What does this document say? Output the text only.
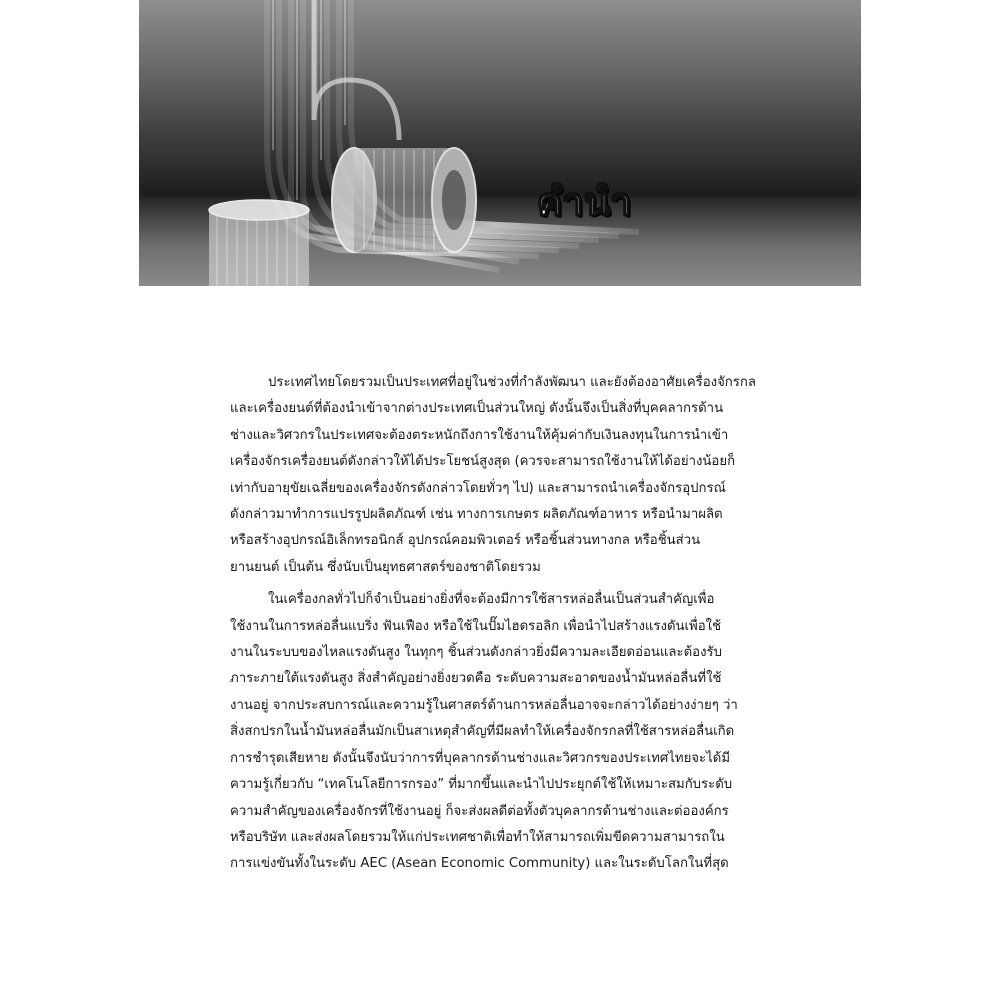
คำนำ
ประเทศไทยโดยรวมเป็นประเทศที่อยู่ในช่วงที่กำลังพัฒนา และยังต้องอาศัยเครื่องจักรกล
และเครื่องยนต์ที่ต้องนำเข้าจากต่างประเทศเป็นส่วนใหญ่ ดังนั้นจึงเป็นสิ่งที่บุคคลากรด้าน
ช่างและวิศวกรในประเทศจะต้องตระหนักถึงการใช้งานให้คุ้มค่ากับเงินลงทุนในการนำเข้า
เครื่องจักรเครื่องยนต์ดังกล่าวให้ได้ประโยชน์สูงสุด (ควรจะสามารถใช้งานให้ได้อย่างน้อยก็
เท่ากับอายุขัยเฉลี่ยของเครื่องจักรดังกล่าวโดยทั่วๆ ไป) และสามารถนำเครื่องจักรอุปกรณ์
ดังกล่าวมาทำการแปรรูปผลิตภัณฑ์ เช่น ทางการเกษตร ผลิตภัณฑ์อาหาร หรือนำมาผลิต
หรือสร้างอุปกรณ์อิเล็กทรอนิกส์ อุปกรณ์คอมพิวเตอร์ หรือชิ้นส่วนทางกล หรือชิ้นส่วน
ยานยนต์ เป็นต้น ซึ่งนับเป็นยุทธศาสตร์ของชาติโดยรวม
ในเครื่องกลทั่วไปก็จำเป็นอย่างยิ่งที่จะต้องมีการใช้สารหล่อลื่นเป็นส่วนสำคัญเพื่อ
ใช้งานในการหล่อลื่นแบริ่ง ฟันเฟือง หรือใช้ในปั๊มไฮดรอลิก เพื่อนำไปสร้างแรงดันเพื่อใช้
งานในระบบของไหลแรงดันสูง ในทุกๆ ชิ้นส่วนดังกล่าวยิ่งมีความละเอียดอ่อนและต้องรับ
ภาระภายใต้แรงดันสูง สิ่งสำคัญอย่างยิ่งยวดคือ ระดับความสะอาดของน้ำมันหล่อลื่นที่ใช้
งานอยู่ จากประสบการณ์และความรู้ในศาสตร์ด้านการหล่อลื่นอาจจะกล่าวได้อย่างง่ายๆ ว่า
สิ่งสกปรกในน้ำมันหล่อลื่นมักเป็นสาเหตุสำคัญที่มีผลทำให้เครื่องจักรกลที่ใช้สารหล่อลื่นเกิด
การชำรุดเสียหาย ดังนั้นจึงนับว่าการที่บุคลากรด้านช่างและวิศวกรของประเทศไทยจะได้มี
ความรู้เกี่ยวกับ “เทคโนโลยีการกรอง” ที่มากขึ้นและนำไปประยุกต์ใช้ให้เหมาะสมกับระดับ
ความสำคัญของเครื่องจักรที่ใช้งานอยู่ ก็จะส่งผลดีต่อทั้งตัวบุคลากรด้านช่างและต่อองค์กร
หรือบริษัท และส่งผลโดยรวมให้แก่ประเทศชาติเพื่อทำให้สามารถเพิ่มขีดความสามารถใน
การแข่งขันทั้งในระดับ AEC (Asean Economic Community) และในระดับโลกในที่สุด
